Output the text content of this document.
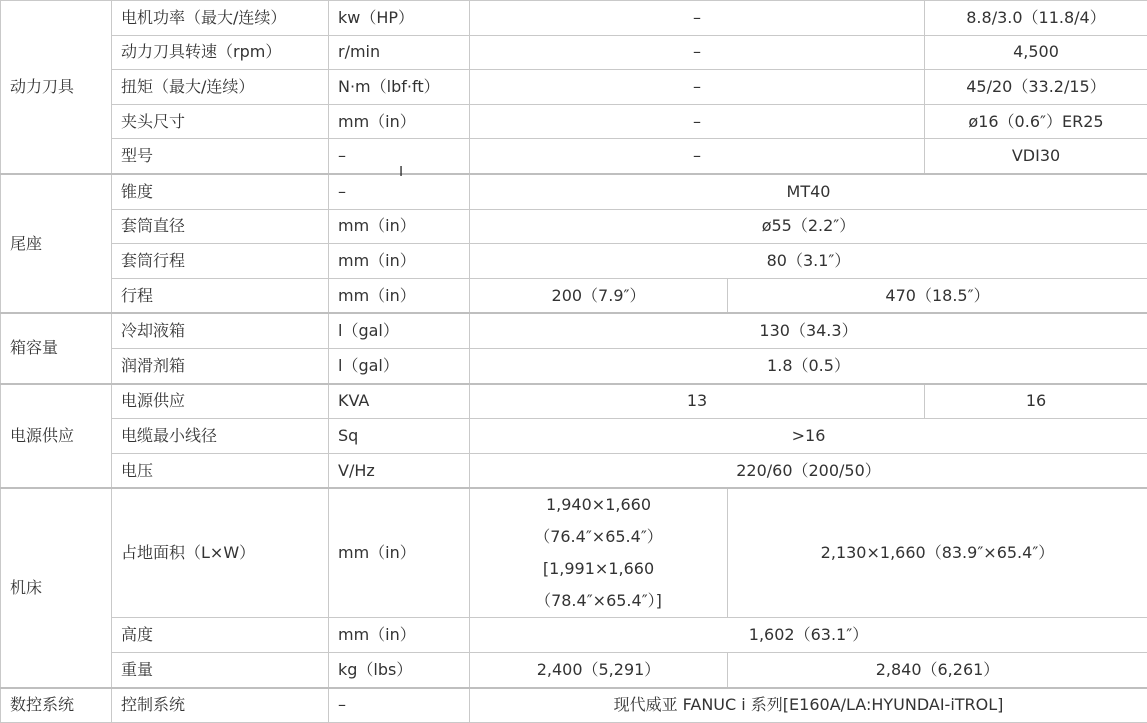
动力刀具	电机功率（最大/连续）	kw（HP）	–		8.8/3.0（11.8/4）
	动力刀具转速（rpm）	r/min	–		4,500
	扭矩（最大/连续）	N·m（lbf·ft）	–		45/20（33.2/15）
	夹头尺寸	mm（in）	–		ø16（0.6″）ER25
	型号	–	–		VDI30
尾座	锥度	–	MT40		
	套筒直径	mm（in）	ø55（2.2″）		
	套筒行程	mm（in）	80（3.1″）		
	行程	mm（in）	200（7.9″）	470（18.5″）	
箱容量	冷却液箱	l（gal）	130（34.3）		
	润滑剂箱	l（gal）	1.8（0.5）		
电源供应	电源供应	KVA	13		16
	电缆最小线径	Sq	>16		
	电压	V/Hz	220/60（200/50）		
机床	占地面积（L×W）	mm（in）	1,940×1,660
（76.4″×65.4″）
[1,991×1,660
（78.4″×65.4″）]	2,130×1,660（83.9″×65.4″）	
	高度	mm（in）	1,602（63.1″）		
	重量	kg（lbs）	2,400（5,291）	2,840（6,261）	
数控系统	控制系统	–	现代威亚 FANUC i 系列[E160A/LA:HYUNDAI-iTROL]		
I
